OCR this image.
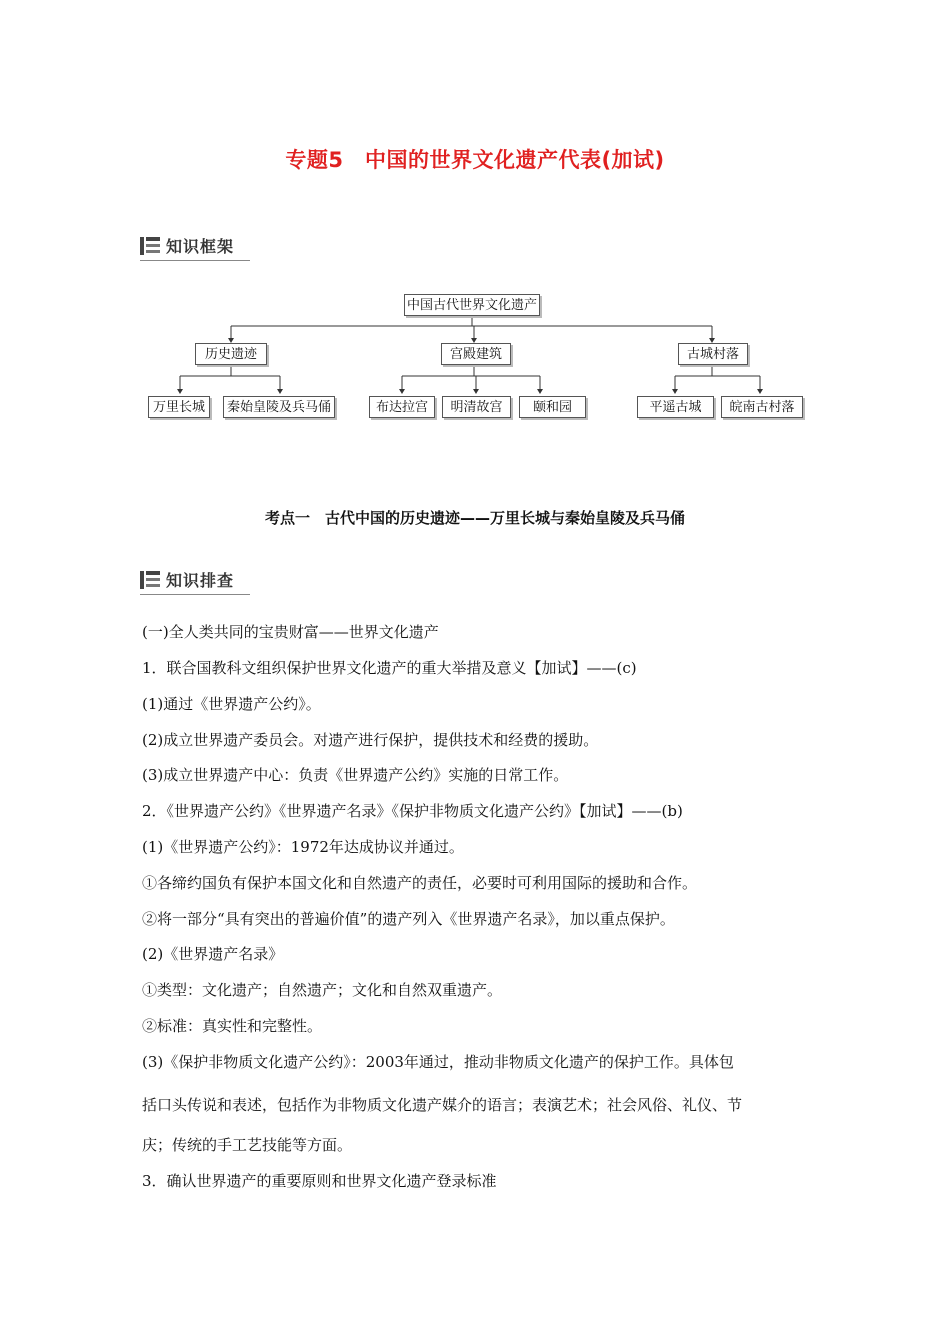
专题5　中国的世界文化遗产代表(加试)
知识框架
中国古代世界文化遗产
历史遗迹	宫殿建筑	古城村落
万里长城	秦始皇陵及兵马俑	布达拉宫	明清故宫	颐和园	平遥古城	皖南古村落
考点一　古代中国的历史遗迹——万里长城与秦始皇陵及兵马俑
知识排查
(一)全人类共同的宝贵财富——世界文化遗产
1．联合国教科文组织保护世界文化遗产的重大举措及意义【加试】——(c)
(1)通过《世界遗产公约》。
(2)成立世界遗产委员会。对遗产进行保护，提供技术和经费的援助。
(3)成立世界遗产中心：负责《世界遗产公约》实施的日常工作。
2．《世界遗产公约》《世界遗产名录》《保护非物质文化遗产公约》【加试】——(b)
(1)《世界遗产公约》：1972年达成协议并通过。
①各缔约国负有保护本国文化和自然遗产的责任，必要时可利用国际的援助和合作。
②将一部分“具有突出的普遍价值”的遗产列入《世界遗产名录》，加以重点保护。
(2)《世界遗产名录》
①类型：文化遗产；自然遗产；文化和自然双重遗产。
②标准：真实性和完整性。
(3)《保护非物质文化遗产公约》：2003年通过，推动非物质文化遗产的保护工作。具体包
括口头传说和表述，包括作为非物质文化遗产媒介的语言；表演艺术；社会风俗、礼仪、节
庆；传统的手工艺技能等方面。
3．确认世界遗产的重要原则和世界文化遗产登录标准
